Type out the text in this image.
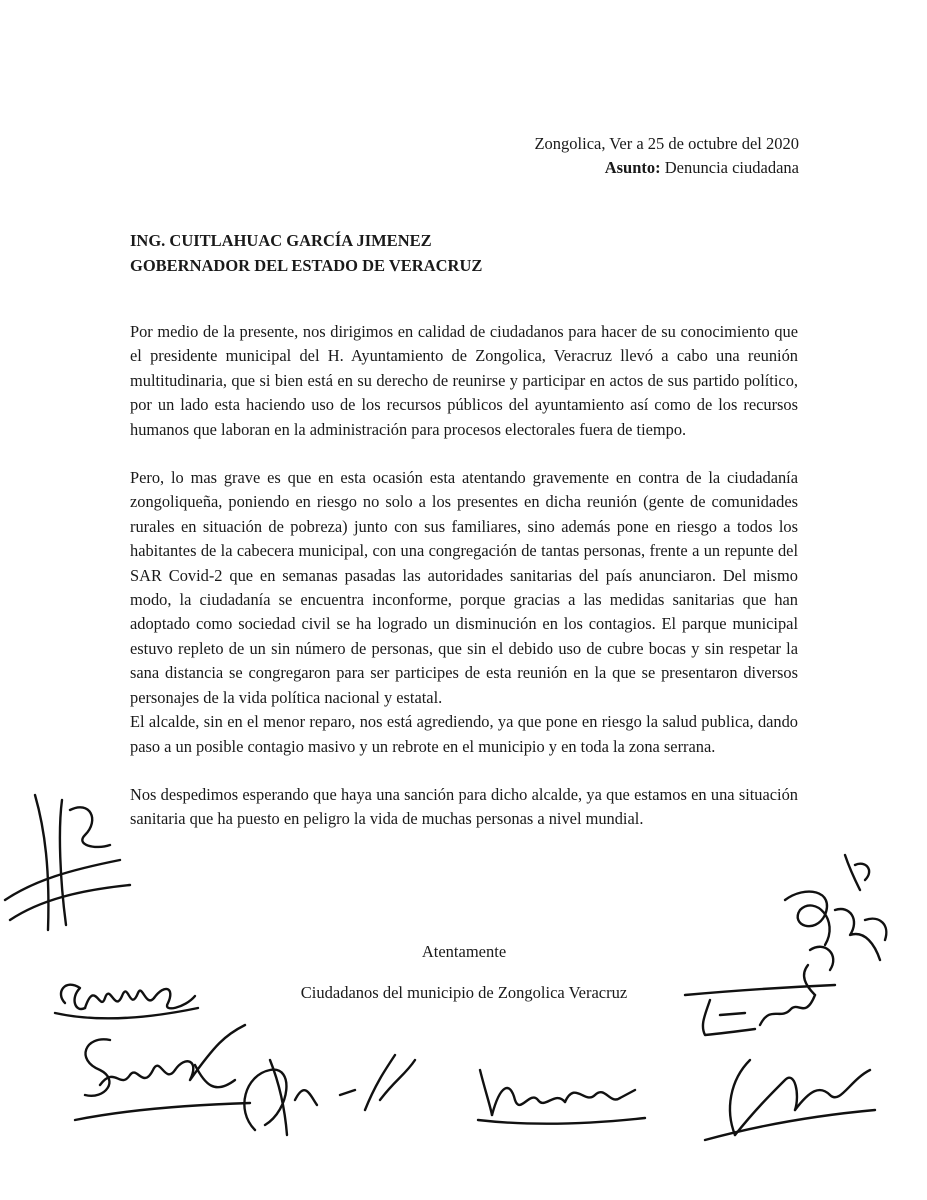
Zongolica, Ver a 25 de octubre del 2020
Asunto: Denuncia ciudadana
ING. CUITLAHUAC GARCÍA JIMENEZ
GOBERNADOR DEL ESTADO DE VERACRUZ

Por medio de la presente, nos dirigimos en calidad de ciudadanos para hacer de su conocimiento que el presidente municipal del H. Ayuntamiento de Zongolica, Veracruz llevó a cabo una reunión multitudinaria, que si bien está en su derecho de reunirse y participar en actos de sus partido político, por un lado esta haciendo uso de los recursos públicos del ayuntamiento así como de los recursos humanos que laboran en la administración para procesos electorales fuera de tiempo.

Pero, lo mas grave es que en esta ocasión esta atentando gravemente en contra de la ciudadanía zongoliqueña, poniendo en riesgo no solo a los presentes en dicha reunión (gente de comunidades rurales en situación de pobreza) junto con sus familiares, sino además pone en riesgo a todos los habitantes de la cabecera municipal, con una congregación de tantas personas, frente a un repunte del SAR Covid-2 que en semanas pasadas las autoridades sanitarias del país anunciaron. Del mismo modo, la ciudadanía se encuentra inconforme, porque gracias a las medidas sanitarias que han adoptado como sociedad civil se ha logrado un disminución en los contagios. El parque municipal estuvo repleto de un sin número de personas, que sin el debido uso de cubre bocas y sin respetar la sana distancia se congregaron para ser participes de esta reunión en la que se presentaron diversos personajes de la vida política nacional y estatal.

El alcalde, sin en el menor reparo, nos está agrediendo, ya que pone en riesgo la salud publica, dando paso a un posible contagio masivo y un rebrote en el municipio y en toda la zona serrana.

Nos despedimos esperando que haya una sanción para dicho alcalde, ya que estamos en una situación sanitaria que ha puesto en peligro la vida de muchas personas a nivel mundial.

Atentamente
Ciudadanos del municipio de Zongolica Veracruz
